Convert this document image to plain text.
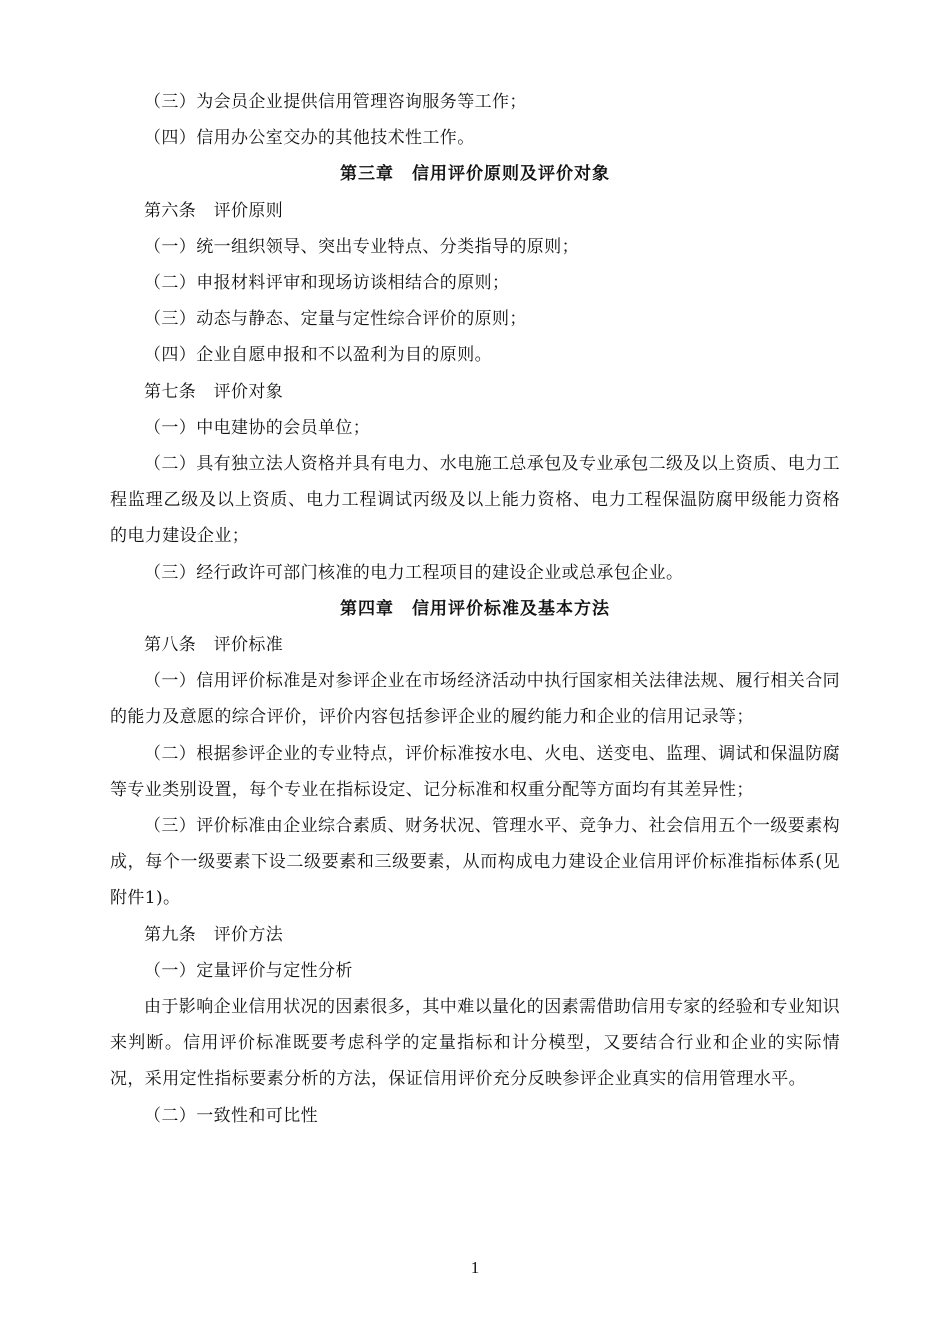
（三）为会员企业提供信用管理咨询服务等工作；

（四）信用办公室交办的其他技术性工作。

第三章　信用评价原则及评价对象

第六条　评价原则

（一）统一组织领导、突出专业特点、分类指导的原则；

（二）申报材料评审和现场访谈相结合的原则；

（三）动态与静态、定量与定性综合评价的原则；

（四）企业自愿申报和不以盈利为目的原则。

第七条　评价对象

（一）中电建协的会员单位；

（二）具有独立法人资格并具有电力、水电施工总承包及专业承包二级及以上资质、电力工程监理乙级及以上资质、电力工程调试丙级及以上能力资格、电力工程保温防腐甲级能力资格的电力建设企业；

（三）经行政许可部门核准的电力工程项目的建设企业或总承包企业。

第四章　信用评价标准及基本方法

第八条　评价标准

（一）信用评价标准是对参评企业在市场经济活动中执行国家相关法律法规、履行相关合同的能力及意愿的综合评价，评价内容包括参评企业的履约能力和企业的信用记录等；

（二）根据参评企业的专业特点，评价标准按水电、火电、送变电、监理、调试和保温防腐等专业类别设置，每个专业在指标设定、记分标准和权重分配等方面均有其差异性；

（三）评价标准由企业综合素质、财务状况、管理水平、竞争力、社会信用五个一级要素构成，每个一级要素下设二级要素和三级要素，从而构成电力建设企业信用评价标准指标体系(见附件1)。

第九条　评价方法

（一）定量评价与定性分析

由于影响企业信用状况的因素很多，其中难以量化的因素需借助信用专家的经验和专业知识来判断。信用评价标准既要考虑科学的定量指标和计分模型，又要结合行业和企业的实际情况，采用定性指标要素分析的方法，保证信用评价充分反映参评企业真实的信用管理水平。

（二）一致性和可比性

1
